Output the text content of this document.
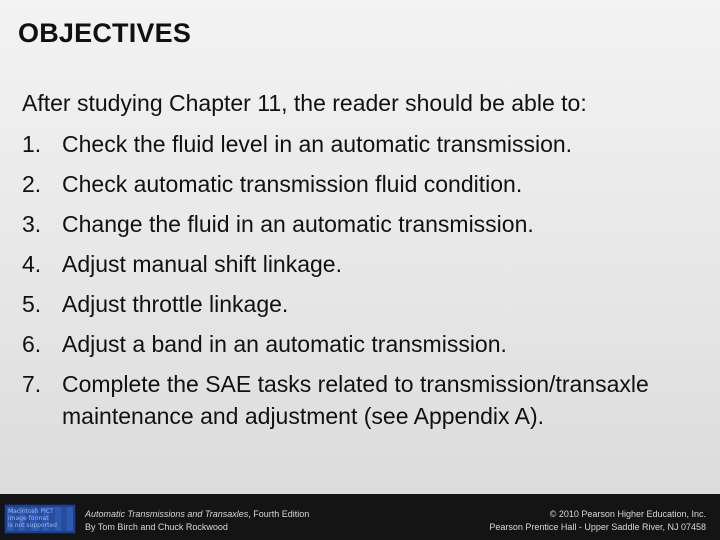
OBJECTIVES
After studying Chapter 11, the reader should be able to:
1. Check the fluid level in an automatic transmission.
2. Check automatic transmission fluid condition.
3. Change the fluid in an automatic transmission.
4. Adjust manual shift linkage.
5. Adjust throttle linkage.
6. Adjust a band in an automatic transmission.
7. Complete the SAE tasks related to transmission/transaxle maintenance and adjustment (see Appendix A).
Macintosh PICT
image format
is not supported
Automatic Transmissions and Transaxles, Fourth Edition
By Tom Birch and Chuck Rockwood
© 2010 Pearson Higher Education, Inc.
Pearson Prentice Hall - Upper Saddle River, NJ 07458
